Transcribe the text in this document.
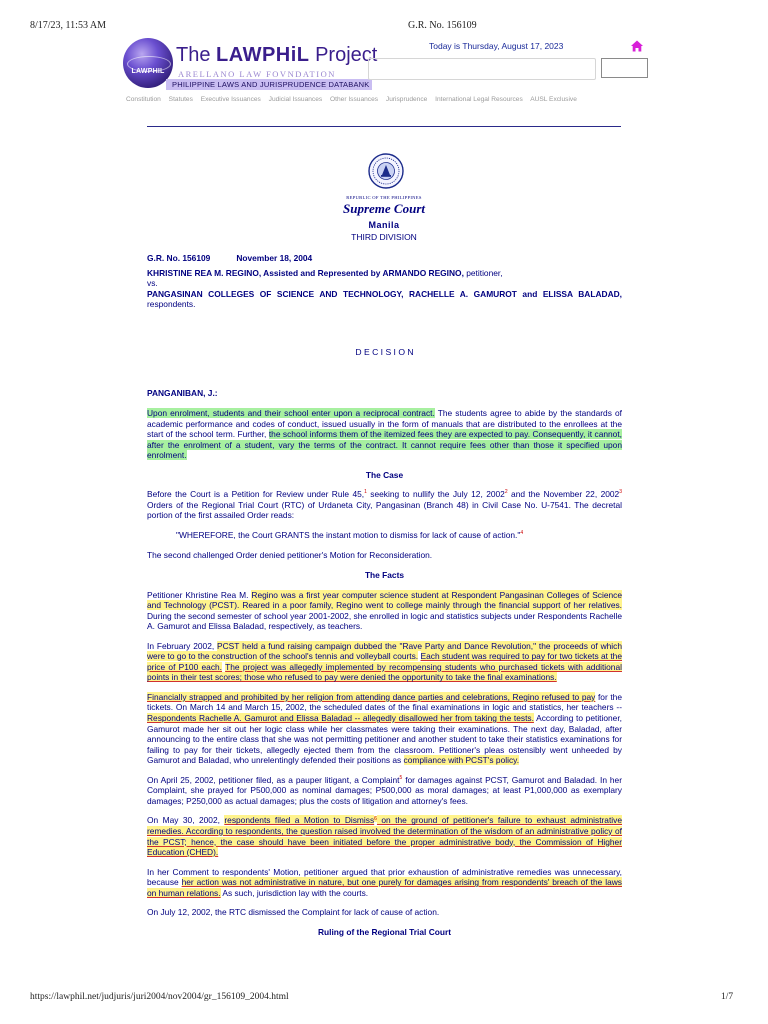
8/17/23, 11:53 AM	G.R. No. 156109
LAWPHIL
The LAWPHiL Project
ARELLANO LAW FOVNDATION
PHILIPPINE LAWS AND JURISPRUDENCE DATABANK
Today is Thursday, August 17, 2023
Constitution Statutes Executive Issuances Judicial Issuances Other Issuances Jurisprudence International Legal Resources AUSL Exclusive
REPUBLIC OF THE PHILIPPINES
Supreme Court
Manila
THIRD DIVISION

G.R. No. 156109	November 18, 2004

KHRISTINE REA M. REGINO, Assisted and Represented by ARMANDO REGINO, petitioner,

vs.

PANGASINAN COLLEGES OF SCIENCE AND TECHNOLOGY, RACHELLE A. GAMUROT and ELISSA BALADAD, respondents.

D E C I S I O N
PANGANIBAN, J.:

Upon enrolment, students and their school enter upon a reciprocal contract. The students agree to abide by the standards of academic performance and codes of conduct, issued usually in the form of manuals that are distributed to the enrollees at the start of the school term. Further, the school informs them of the itemized fees they are expected to pay. Consequently, it cannot, after the enrolment of a student, vary the terms of the contract. It cannot require fees other than those it specified upon enrolment.

The Case

Before the Court is a Petition for Review under Rule 45,$^1$ seeking to nullify the July 12, 2002$^2$ and the November 22, 2002$^3$ Orders of the Regional Trial Court (RTC) of Urdaneta City, Pangasinan (Branch 48) in Civil Case No. U-7541. The decretal portion of the first assailed Order reads:

"WHEREFORE, the Court GRANTS the instant motion to dismiss for lack of cause of action."$^4$

The second challenged Order denied petitioner's Motion for Reconsideration.

The Facts

Petitioner Khristine Rea M. Regino was a first year computer science student at Respondent Pangasinan Colleges of Science and Technology (PCST). Reared in a poor family, Regino went to college mainly through the financial support of her relatives. During the second semester of school year 2001-2002, she enrolled in logic and statistics subjects under Respondents Rachelle A. Gamurot and Elissa Baladad, respectively, as teachers.

In February 2002, PCST held a fund raising campaign dubbed the "Rave Party and Dance Revolution," the proceeds of which were to go to the construction of the school's tennis and volleyball courts. Each student was required to pay for two tickets at the price of P100 each. The project was allegedly implemented by recompensing students who purchased tickets with additional points in their test scores; those who refused to pay were denied the opportunity to take the final examinations.

Financially strapped and prohibited by her religion from attending dance parties and celebrations, Regino refused to pay for the tickets. On March 14 and March 15, 2002, the scheduled dates of the final examinations in logic and statistics, her teachers -- Respondents Rachelle A. Gamurot and Elissa Baladad -- allegedly disallowed her from taking the tests. According to petitioner, Gamurot made her sit out her logic class while her classmates were taking their examinations. The next day, Baladad, after announcing to the entire class that she was not permitting petitioner and another student to take their statistics examinations for failing to pay for their tickets, allegedly ejected them from the classroom. Petitioner's pleas ostensibly went unheeded by Gamurot and Baladad, who unrelentingly defended their positions as compliance with PCST's policy.

On April 25, 2002, petitioner filed, as a pauper litigant, a Complaint$^5$ for damages against PCST, Gamurot and Baladad. In her Complaint, she prayed for P500,000 as nominal damages; P500,000 as moral damages; at least P1,000,000 as exemplary damages; P250,000 as actual damages; plus the costs of litigation and attorney's fees.

On May 30, 2002, respondents filed a Motion to Dismiss$^6$ on the ground of petitioner's failure to exhaust administrative remedies. According to respondents, the question raised involved the determination of the wisdom of an administrative policy of the PCST; hence, the case should have been initiated before the proper administrative body, the Commission of Higher Education (CHED).

In her Comment to respondents' Motion, petitioner argued that prior exhaustion of administrative remedies was unnecessary, because her action was not administrative in nature, but one purely for damages arising from respondents' breach of the laws on human relations. As such, jurisdiction lay with the courts.

On July 12, 2002, the RTC dismissed the Complaint for lack of cause of action.

Ruling of the Regional Trial Court

https://lawphil.net/judjuris/juri2004/nov2004/gr_156109_2004.html	1/7
